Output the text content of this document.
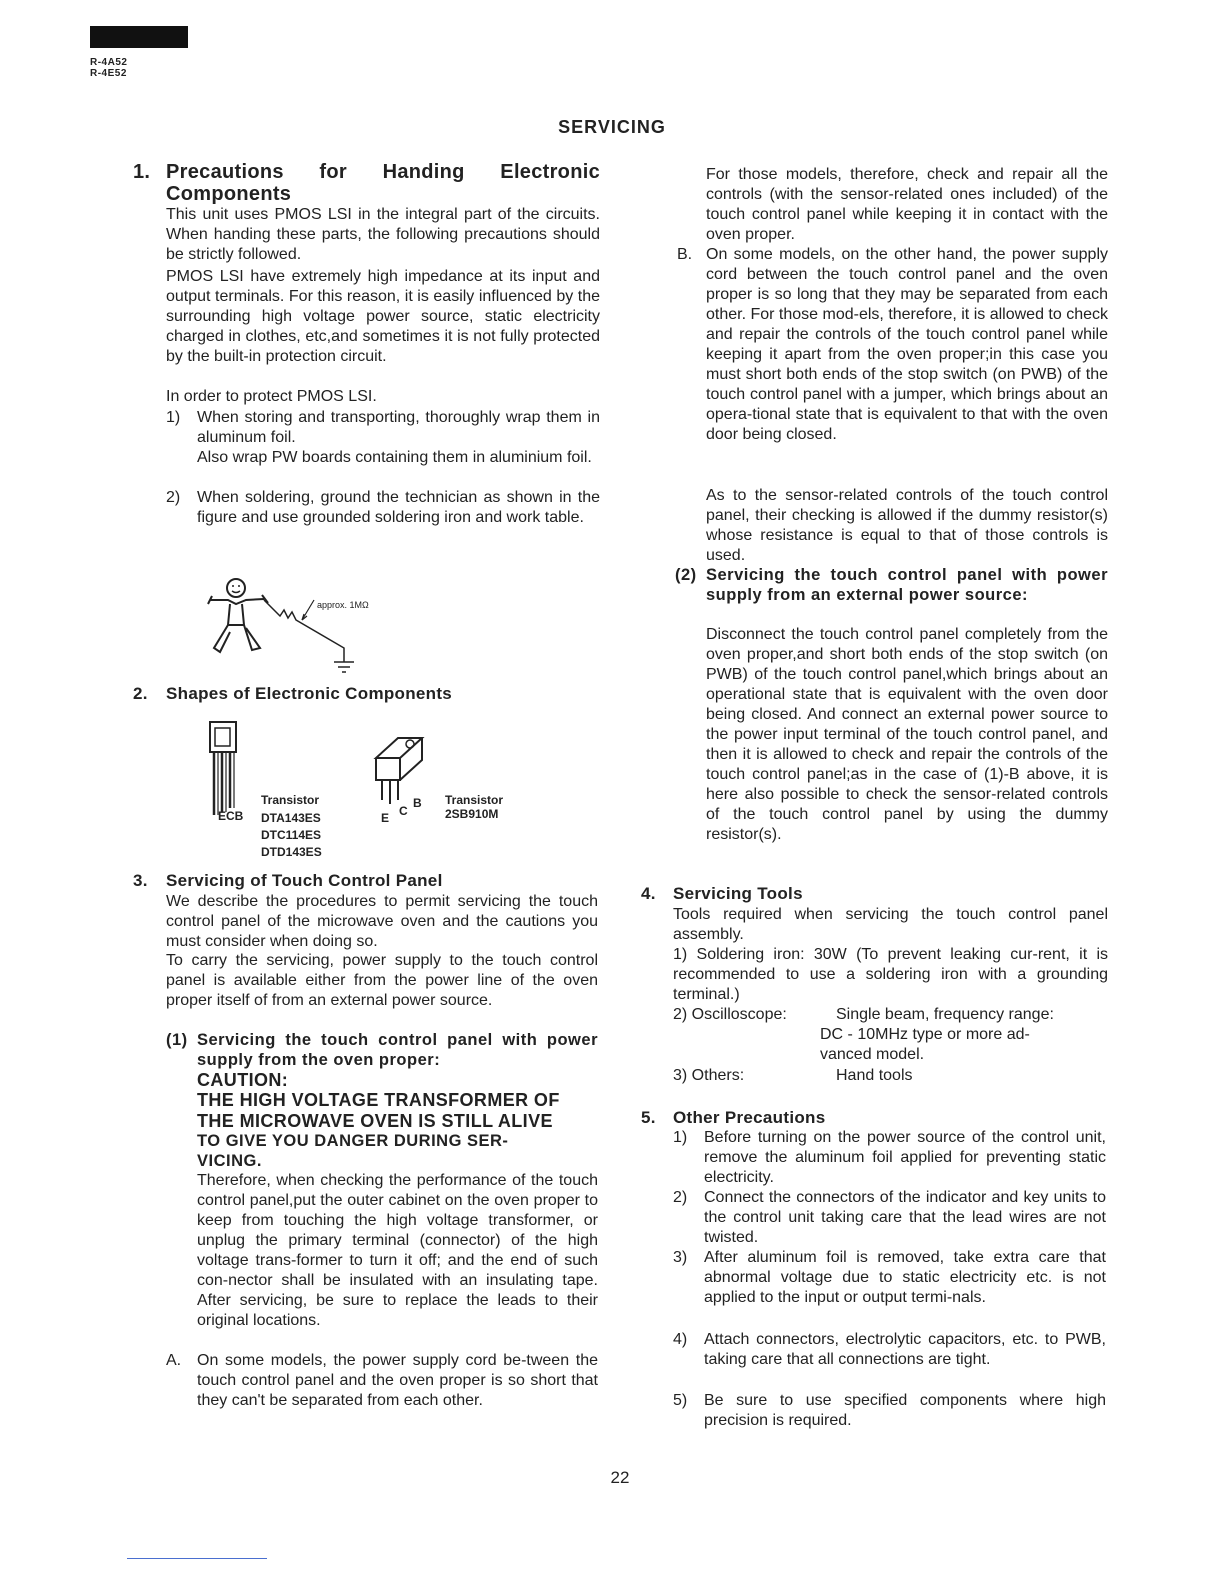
R-4A52
R-4E52
SERVICING
1. Precautions for Handing Electronic Components
This unit uses PMOS LSI in the integral part of the circuits. When handing these parts, the following precautions should be strictly followed.
PMOS LSI have extremely high impedance at its input and output terminals. For this reason, it is easily influenced by the surrounding high voltage power source, static electricity charged in clothes, etc,and sometimes it is not fully protected by the built-in protection circuit.
In order to protect PMOS LSI.
1) When storing and transporting, thoroughly wrap them in aluminum foil.
Also wrap PW boards containing them in aluminium foil.
2) When soldering, ground the technician as shown in the figure and use grounded soldering iron and work table.
approx. 1MΩ
2. Shapes of Electronic Components
ECB
Transistor
DTA143ES
DTC114ES
DTD143ES
E C
B Transistor
2SB910M
3. Servicing of Touch Control Panel
We describe the procedures to permit servicing the touch control panel of the microwave oven and the cautions you must consider when doing so.
To carry the servicing, power supply to the touch control panel is available either from the power line of the oven proper itself of from an external power source.
(1) Servicing the touch control panel with power supply from the oven proper:
CAUTION:
THE HIGH VOLTAGE TRANSFORMER OF
THE MICROWAVE OVEN IS STILL ALIVE
TO GIVE YOU DANGER DURING SER-
VICING.
Therefore, when checking the performance of the touch control panel,put the outer cabinet on the oven proper to keep from touching the high voltage transformer, or unplug the primary terminal (connector) of the high voltage trans-former to turn it off; and the end of such con-nector shall be insulated with an insulating tape. After servicing, be sure to replace the leads to their original locations.
A. On some models, the power supply cord be-tween the touch control panel and the oven proper is so short that they can't be separated from each other.
For those models, therefore, check and repair all the controls (with the sensor-related ones included) of the touch control panel while keeping it in contact with the oven proper.
B. On some models, on the other hand, the power supply cord between the touch control panel and the oven proper is so long that they may be separated from each other. For those mod-els, therefore, it is allowed to check and repair the controls of the touch control panel while keeping it apart from the oven proper;in this case you must short both ends of the stop switch (on PWB) of the touch control panel with a jumper, which brings about an opera-tional state that is equivalent to that with the oven door being closed.
As to the sensor-related controls of the touch control panel, their checking is allowed if the dummy resistor(s) whose resistance is equal to that of those controls is used.
(2) Servicing the touch control panel with power supply from an external power source:
Disconnect the touch control panel completely from the oven proper,and short both ends of the stop switch (on PWB) of the touch control panel,which brings about an operational state that is equivalent with the oven door being closed. And connect an external power source to the power input terminal of the touch control panel, and then it is allowed to check and repair the controls of the touch control panel;as in the case of (1)-B above, it is here also possible to check the sensor-related controls of the touch control panel by using the dummy resistor(s).
4. Servicing Tools
Tools required when servicing the touch control panel assembly.
1) Soldering iron: 30W (To prevent leaking cur-rent, it is recommended to use a soldering iron with a grounding terminal.)
2) Oscilloscope:	Single beam, frequency range:
DC - 10MHz type or more ad-
vanced model.
3) Others:	Hand tools
5. Other Precautions
1) Before turning on the power source of the control unit, remove the aluminum foil applied for preventing static electricity.
2) Connect the connectors of the indicator and key units to the control unit taking care that the lead wires are not twisted.
3) After aluminum foil is removed, take extra care that abnormal voltage due to static electricity etc. is not applied to the input or output termi-nals.
4) Attach connectors, electrolytic capacitors, etc. to PWB, taking care that all connections are tight.
5) Be sure to use specified components where high precision is required.
22
